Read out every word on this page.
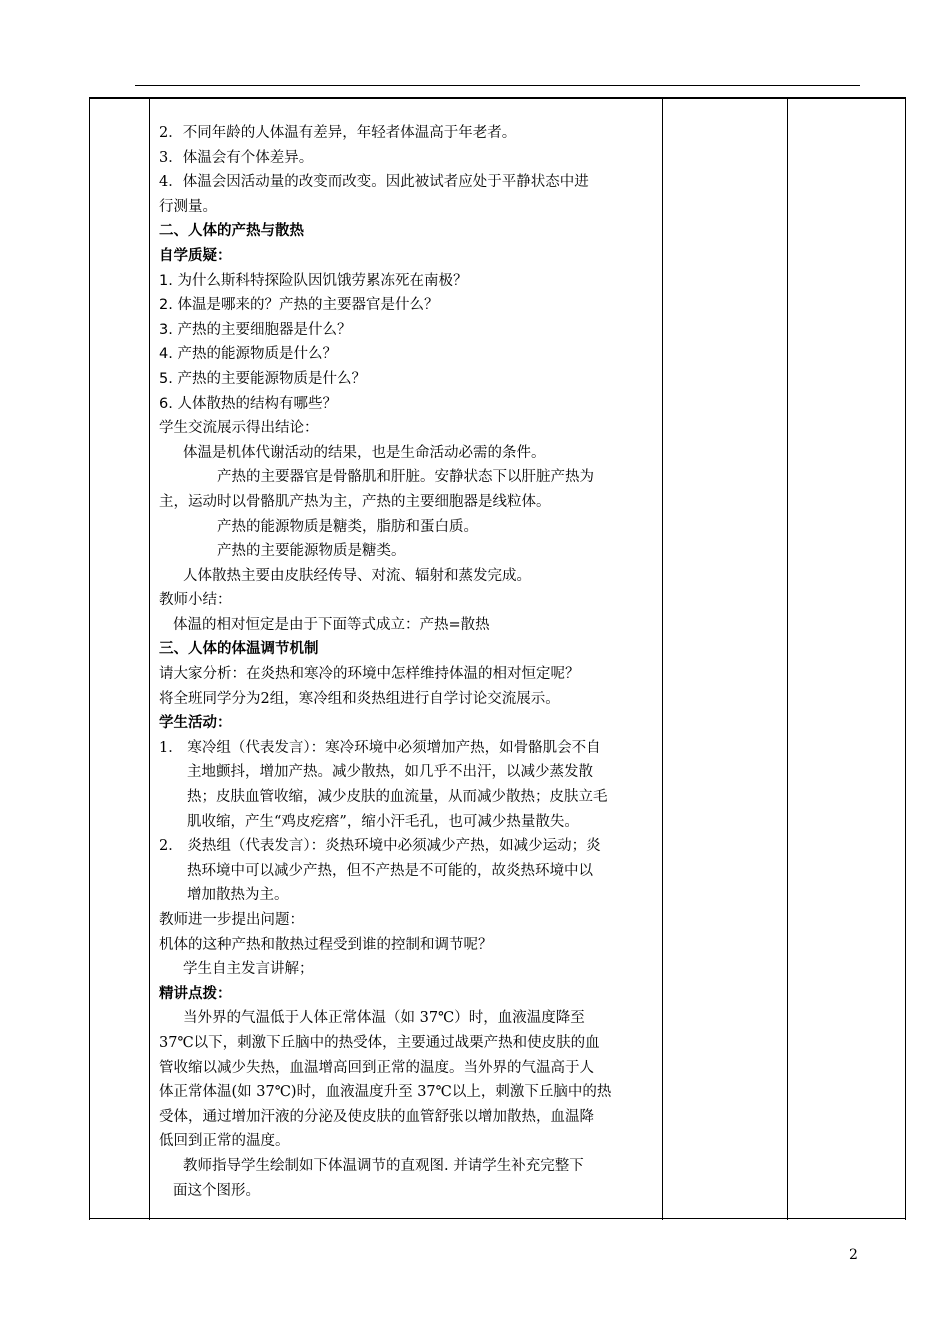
2．不同年龄的人体温有差异，年轻者体温高于年老者。
3．体温会有个体差异。
4．体温会因活动量的改变而改变。因此被试者应处于平静状态中进
行测量。
二、人体的产热与散热
自学质疑：
1. 为什么斯科特探险队因饥饿劳累冻死在南极？
2. 体温是哪来的？产热的主要器官是什么？
3. 产热的主要细胞器是什么？
4. 产热的能源物质是什么？
5. 产热的主要能源物质是什么？
6. 人体散热的结构有哪些？
学生交流展示得出结论：
体温是机体代谢活动的结果，也是生命活动必需的条件。
产热的主要器官是骨骼肌和肝脏。安静状态下以肝脏产热为
主，运动时以骨骼肌产热为主，产热的主要细胞器是线粒体。
产热的能源物质是糖类，脂肪和蛋白质。
产热的主要能源物质是糖类。
人体散热主要由皮肤经传导、对流、辐射和蒸发完成。
教师小结：
体温的相对恒定是由于下面等式成立：产热=散热
三、人体的体温调节机制
请大家分析：在炎热和寒冷的环境中怎样维持体温的相对恒定呢？
将全班同学分为2组，寒冷组和炎热组进行自学讨论交流展示。
学生活动：
1． 寒冷组（代表发言）：寒冷环境中必须增加产热，如骨骼肌会不自
主地颤抖，增加产热。减少散热，如几乎不出汗，以减少蒸发散
热；皮肤血管收缩，减少皮肤的血流量，从而减少散热；皮肤立毛
肌收缩，产生“鸡皮疙瘩”，缩小汗毛孔，也可减少热量散失。
2． 炎热组（代表发言）：炎热环境中必须减少产热，如减少运动；炎
热环境中可以减少产热，但不产热是不可能的，故炎热环境中以
增加散热为主。
教师进一步提出问题：
机体的这种产热和散热过程受到谁的控制和调节呢？
学生自主发言讲解；
精讲点拨：
当外界的气温低于人体正常体温（如 37℃）时，血液温度降至
37℃以下，刺激下丘脑中的热受体，主要通过战栗产热和使皮肤的血
管收缩以减少失热，血温增高回到正常的温度。当外界的气温高于人
体正常体温(如 37℃)时，血液温度升至 37℃以上，刺激下丘脑中的热
受体，通过增加汗液的分泌及使皮肤的血管舒张以增加散热，血温降
低回到正常的温度。
教师指导学生绘制如下体温调节的直观图. 并请学生补充完整下
面这个图形。
2
